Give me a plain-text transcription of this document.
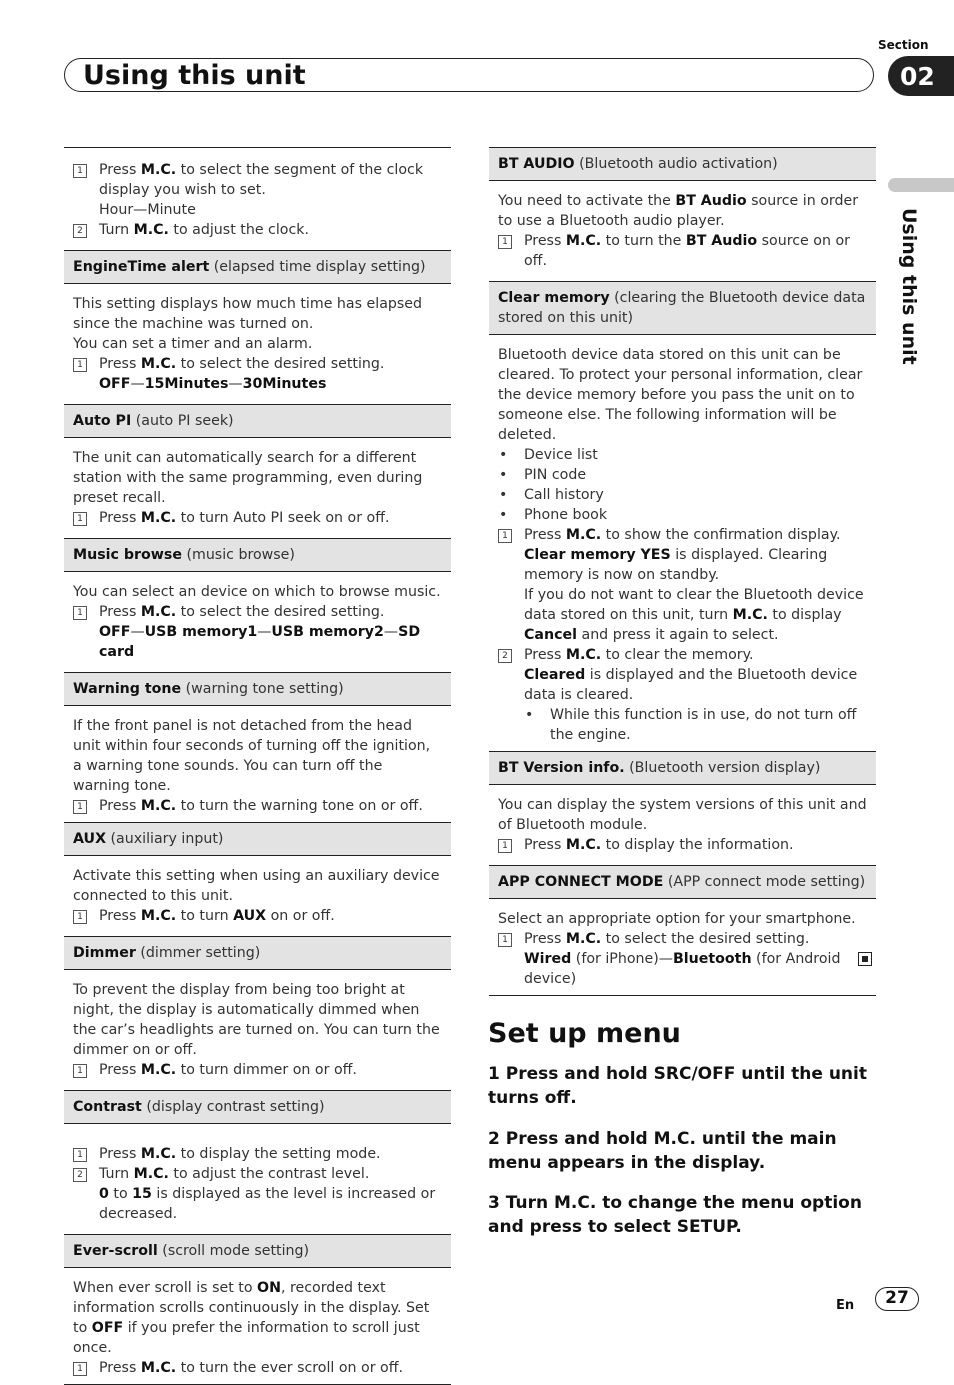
Section
Using this unit	02
Using this unit
1 Press M.C. to select the segment of the clock display you wish to set.
Hour—Minute
2 Turn M.C. to adjust the clock.
EngineTime alert (elapsed time display setting)
This setting displays how much time has elapsed since the machine was turned on.
You can set a timer and an alarm.
1 Press M.C. to select the desired setting.
OFF—15Minutes—30Minutes
Auto PI (auto PI seek)
The unit can automatically search for a different station with the same programming, even during preset recall.
1 Press M.C. to turn Auto PI seek on or off.
Music browse (music browse)
You can select an device on which to browse music.
1 Press M.C. to select the desired setting.
OFF—USB memory1—USB memory2—SD card
Warning tone (warning tone setting)
If the front panel is not detached from the head unit within four seconds of turning off the ignition, a warning tone sounds. You can turn off the warning tone.
1 Press M.C. to turn the warning tone on or off.
AUX (auxiliary input)
Activate this setting when using an auxiliary device connected to this unit.
1 Press M.C. to turn AUX on or off.
Dimmer (dimmer setting)
To prevent the display from being too bright at night, the display is automatically dimmed when the car’s headlights are turned on. You can turn the dimmer on or off.
1 Press M.C. to turn dimmer on or off.
Contrast (display contrast setting)
1 Press M.C. to display the setting mode.
2 Turn M.C. to adjust the contrast level.
0 to 15 is displayed as the level is increased or decreased.
Ever-scroll (scroll mode setting)
When ever scroll is set to ON, recorded text information scrolls continuously in the display. Set to OFF if you prefer the information to scroll just once.
1 Press M.C. to turn the ever scroll on or off.
BT AUDIO (Bluetooth audio activation)
You need to activate the BT Audio source in order to use a Bluetooth audio player.
1 Press M.C. to turn the BT Audio source on or off.
Clear memory (clearing the Bluetooth device data stored on this unit)
Bluetooth device data stored on this unit can be cleared. To protect your personal information, clear the device memory before you pass the unit on to someone else. The following information will be deleted.
• Device list
• PIN code
• Call history
• Phone book
1 Press M.C. to show the confirmation display.
Clear memory YES is displayed. Clearing memory is now on standby.
If you do not want to clear the Bluetooth device data stored on this unit, turn M.C. to display Cancel and press it again to select.
2 Press M.C. to clear the memory.
Cleared is displayed and the Bluetooth device data is cleared.
• While this function is in use, do not turn off the engine.
BT Version info. (Bluetooth version display)
You can display the system versions of this unit and of Bluetooth module.
1 Press M.C. to display the information.
APP CONNECT MODE (APP connect mode setting)
Select an appropriate option for your smartphone.
1 Press M.C. to select the desired setting.
Wired (for iPhone)—Bluetooth (for Android device)
Set up menu
1 Press and hold SRC/OFF until the unit turns off.
2 Press and hold M.C. until the main menu appears in the display.
3 Turn M.C. to change the menu option and press to select SETUP.
En	27
